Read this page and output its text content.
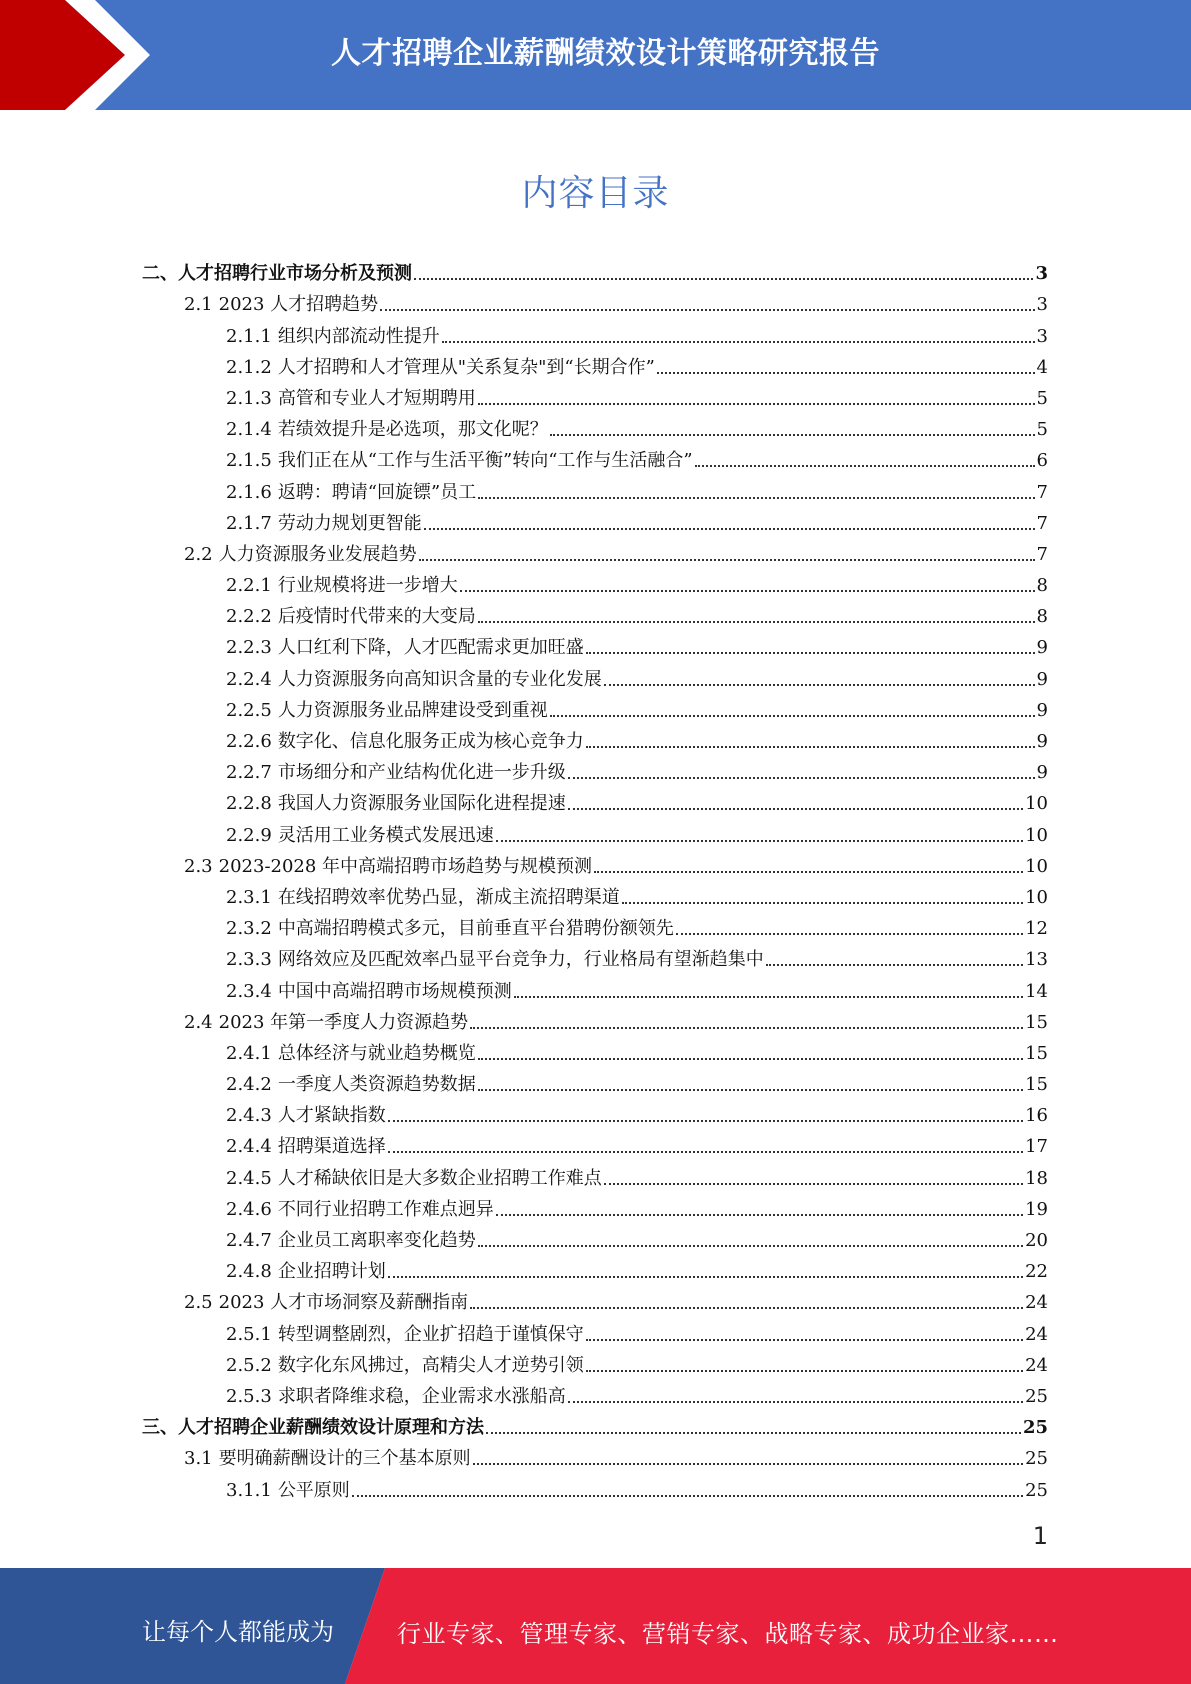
人才招聘企业薪酬绩效设计策略研究报告
内容目录
二、人才招聘行业市场分析及预测	3
2.1 2023 人才招聘趋势	3
2.1.1 组织内部流动性提升	3
2.1.2 人才招聘和人才管理从"关系复杂"到“长期合作”	4
2.1.3 高管和专业人才短期聘用	5
2.1.4 若绩效提升是必选项，那文化呢？	5
2.1.5 我们正在从“工作与生活平衡”转向“工作与生活融合”	6
2.1.6 返聘：聘请“回旋镖”员工	7
2.1.7 劳动力规划更智能	7
2.2 人力资源服务业发展趋势	7
2.2.1 行业规模将进一步增大	8
2.2.2 后疫情时代带来的大变局	8
2.2.3 人口红利下降，人才匹配需求更加旺盛	9
2.2.4 人力资源服务向高知识含量的专业化发展	9
2.2.5 人力资源服务业品牌建设受到重视	9
2.2.6 数字化、信息化服务正成为核心竞争力	9
2.2.7 市场细分和产业结构优化进一步升级	9
2.2.8 我国人力资源服务业国际化进程提速	10
2.2.9 灵活用工业务模式发展迅速	10
2.3 2023-2028 年中高端招聘市场趋势与规模预测	10
2.3.1 在线招聘效率优势凸显，渐成主流招聘渠道	10
2.3.2 中高端招聘模式多元，目前垂直平台猎聘份额领先	12
2.3.3 网络效应及匹配效率凸显平台竞争力，行业格局有望渐趋集中	13
2.3.4 中国中高端招聘市场规模预测	14
2.4 2023 年第一季度人力资源趋势	15
2.4.1 总体经济与就业趋势概览	15
2.4.2 一季度人类资源趋势数据	15
2.4.3 人才紧缺指数	16
2.4.4 招聘渠道选择	17
2.4.5 人才稀缺依旧是大多数企业招聘工作难点	18
2.4.6 不同行业招聘工作难点迥异	19
2.4.7 企业员工离职率变化趋势	20
2.4.8 企业招聘计划	22
2.5 2023 人才市场洞察及薪酬指南	24
2.5.1 转型调整剧烈，企业扩招趋于谨慎保守	24
2.5.2 数字化东风拂过，高精尖人才逆势引领	24
2.5.3 求职者降维求稳，企业需求水涨船高	25
三、人才招聘企业薪酬绩效设计原理和方法	25
3.1 要明确薪酬设计的三个基本原则	25
3.1.1 公平原则	25
1
让每个人都能成为	行业专家、管理专家、营销专家、战略专家、成功企业家……
